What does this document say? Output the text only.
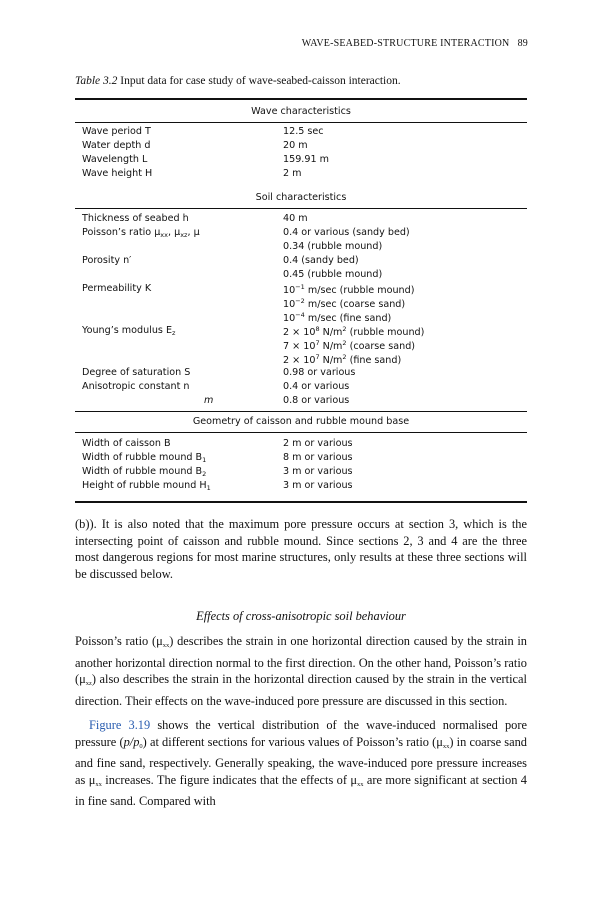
WAVE-SEABED-STRUCTURE INTERACTION 89
Table 3.2 Input data for case study of wave-seabed-caisson interaction.
Wave characteristics
Wave period T	12.5 sec
Water depth d	20 m
Wavelength L	159.91 m
Wave height H	2 m
Soil characteristics
Thickness of seabed h	40 m
Poisson’s ratio $\mu_{xx}$, $\mu_{xz}$, μ	0.4 or various (sandy bed)
0.34 (rubble mound)
Porosity n′	0.4 (sandy bed)
0.45 (rubble mound)
Permeability K	$10^{-1}$ m/sec (rubble mound)
$10^{-2}$ m/sec (coarse sand)
$10^{-4}$ m/sec (fine sand)
Young’s modulus $E_z$	$2 \times 10^8$ $N/m^2$ (rubble mound)
$7 \times 10^7$ $N/m^2$ (coarse sand)
$2 \times 10^7$ $N/m^2$ (fine sand)
Degree of saturation S	0.98 or various
Anisotropic constant n	0.4 or various
m	0.8 or various
Geometry of caisson and rubble mound base
Width of caisson B	2 m or various
Width of rubble mound $B_1$	8 m or various
Width of rubble mound $B_2$	3 m or various
Height of rubble mound $H_1$	3 m or various
(b)). It is also noted that the maximum pore pressure occurs at section 3, which is the intersecting point of caisson and rubble mound. Since sections 2, 3 and 4 are the three most dangerous regions for most marine structures, only results at these three sections will be discussed below.
Effects of cross-anisotropic soil behaviour
Poisson’s ratio $(\mu_{xx})$ describes the strain in one horizontal direction caused by the strain in another horizontal direction normal to the first direction. On the other hand, Poisson’s ratio $(\mu_{xz})$ also describes the strain in the horizontal direction caused by the strain in the vertical direction. Their effects on the wave-induced pore pressure are discussed in this section.
Figure 3.19 shows the vertical distribution of the wave-induced normalised pore pressure $(p/p_0)$ at different sections for various values of Poisson’s ratio $(\mu_{xx})$ in coarse sand and fine sand, respectively. Generally speaking, the wave-induced pore pressure increases as $\mu_{xx}$ increases. The figure indicates that the effects of $\mu_{xx}$ are more significant at section 4 in fine sand. Compared with
